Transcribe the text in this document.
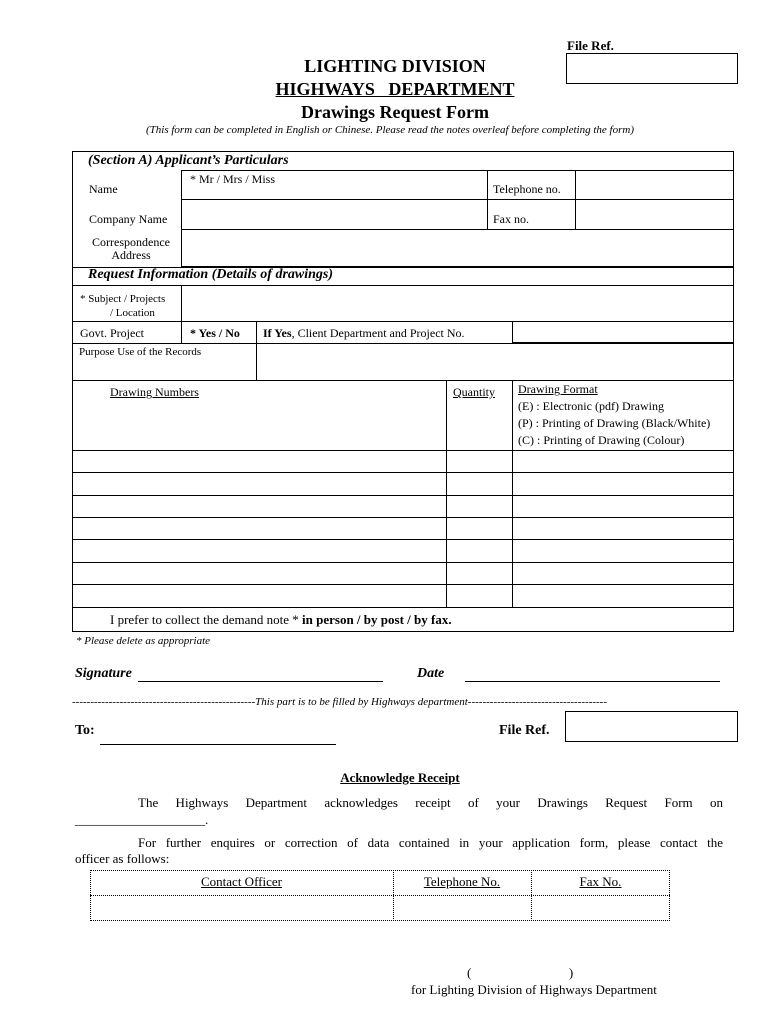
File Ref.
LIGHTING DIVISION
HIGHWAYS   DEPARTMENT
Drawings Request Form
(This form can be completed in English or Chinese. Please read the notes overleaf before completing the form)
(Section A) Applicant’s Particulars
* Mr / Mrs / Miss
Name	Telephone no.
Company Name	Fax no.
Correspondence
Address
Request Information (Details of drawings)
* Subject / Projects
/ Location
Govt. Project	* Yes / No If Yes, Client Department and Project No.
Purpose Use of the Records
Drawing Numbers	Quantity Drawing Format
(E) : Electronic (pdf) Drawing
(P) : Printing of Drawing (Black/White)
(C) : Printing of Drawing (Colour)
I prefer to collect the demand note * in person / by post / by fax.
* Please delete as appropriate
Signature	Date
--------------------------------------------------This part is to be filled by Highways department--------------------------------------
To:	File Ref.
Acknowledge Receipt
The Highways Department acknowledges receipt of your Drawings Request Form on
____________________.
For further enquires or correction of data contained in your application form, please contact the
officer as follows:
Contact Officer	Telephone No.	Fax No.
(                              )
for Lighting Division of Highways Department
